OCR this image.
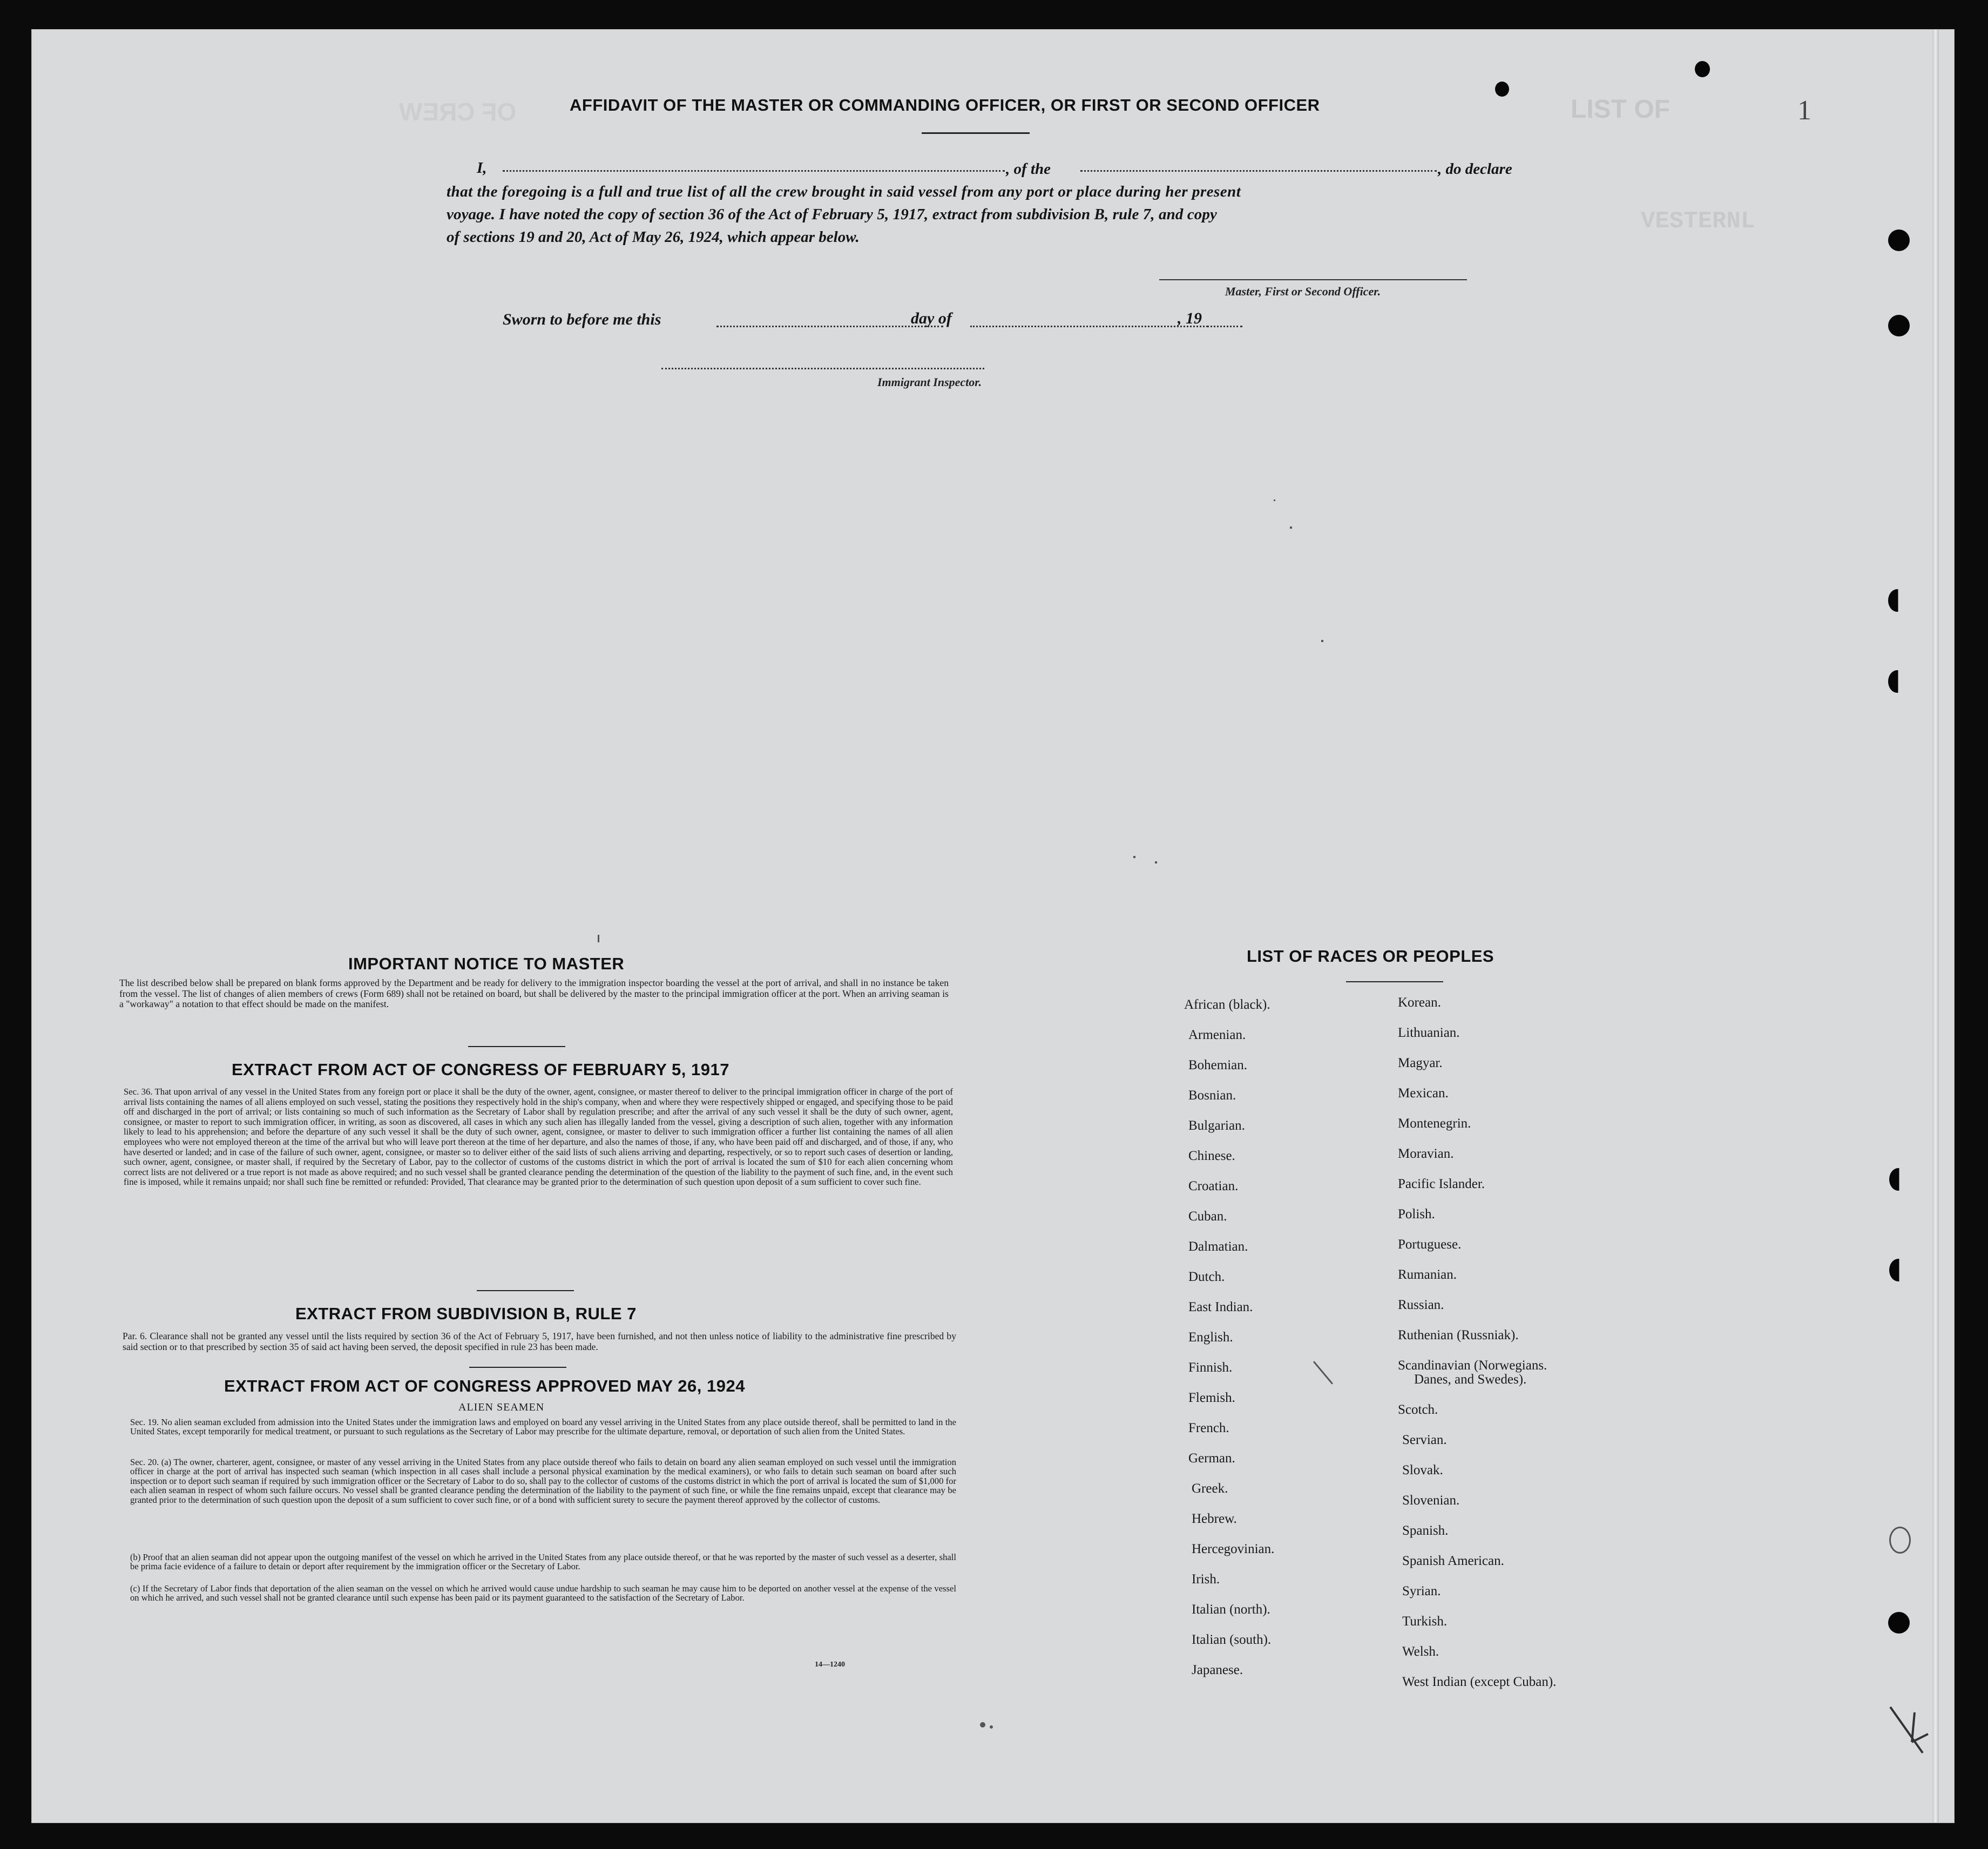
LIST OF
OF CREW
VESTERNL
1
AFFIDAVIT OF THE MASTER OR COMMANDING OFFICER, OR FIRST OR SECOND OFFICER
I,	, of the	, do declare
that the foregoing is a full and true list of all the crew brought in said vessel from any port or place during her present
voyage. I have noted the copy of section 36 of the Act of February 5, 1917, extract from subdivision B, rule 7, and copy
of sections 19 and 20, Act of May 26, 1924, which appear below.
Master, First or Second Officer.
Sworn to before me this	day of	, 19
Immigrant Inspector.
IMPORTANT NOTICE TO MASTER
The list described below shall be prepared on blank forms approved by the Department and be ready for delivery to the immigration inspector boarding the vessel at the port of arrival, and shall in no instance be taken from the vessel. The list of changes of alien members of crews (Form 689) shall not be retained on board, but shall be delivered by the master to the principal immigration officer at the port. When an arriving seaman is a "workaway" a notation to that effect should be made on the manifest.
EXTRACT FROM ACT OF CONGRESS OF FEBRUARY 5, 1917
Sec. 36. That upon arrival of any vessel in the United States from any foreign port or place it shall be the duty of the owner, agent, consignee, or master thereof to deliver to the principal immigration officer in charge of the port of arrival lists containing the names of all aliens employed on such vessel, stating the positions they respectively hold in the ship's company, when and where they were respectively shipped or engaged, and specifying those to be paid off and discharged in the port of arrival; or lists containing so much of such information as the Secretary of Labor shall by regulation prescribe; and after the arrival of any such vessel it shall be the duty of such owner, agent, consignee, or master to report to such immigration officer, in writing, as soon as discovered, all cases in which any such alien has illegally landed from the vessel, giving a description of such alien, together with any information likely to lead to his apprehension; and before the departure of any such vessel it shall be the duty of such owner, agent, consignee, or master to deliver to such immigration officer a further list containing the names of all alien employees who were not employed thereon at the time of the arrival but who will leave port thereon at the time of her departure, and also the names of those, if any, who have been paid off and discharged, and of those, if any, who have deserted or landed; and in case of the failure of such owner, agent, consignee, or master so to deliver either of the said lists of such aliens arriving and departing, respectively, or so to report such cases of desertion or landing, such owner, agent, consignee, or master shall, if required by the Secretary of Labor, pay to the collector of customs of the customs district in which the port of arrival is located the sum of $10 for each alien concerning whom correct lists are not delivered or a true report is not made as above required; and no such vessel shall be granted clearance pending the determination of the question of the liability to the payment of such fine, and, in the event such fine is imposed, while it remains unpaid; nor shall such fine be remitted or refunded: Provided, That clearance may be granted prior to the determination of such question upon deposit of a sum sufficient to cover such fine.
EXTRACT FROM SUBDIVISION B, RULE 7
Par. 6. Clearance shall not be granted any vessel until the lists required by section 36 of the Act of February 5, 1917, have been furnished, and not then unless notice of liability to the administrative fine prescribed by said section or to that prescribed by section 35 of said act having been served, the deposit specified in rule 23 has been made.
EXTRACT FROM ACT OF CONGRESS APPROVED MAY 26, 1924
ALIEN SEAMEN
Sec. 19. No alien seaman excluded from admission into the United States under the immigration laws and employed on board any vessel arriving in the United States from any place outside thereof, shall be permitted to land in the United States, except temporarily for medical treatment, or pursuant to such regulations as the Secretary of Labor may prescribe for the ultimate departure, removal, or deportation of such alien from the United States.
Sec. 20. (a) The owner, charterer, agent, consignee, or master of any vessel arriving in the United States from any place outside thereof who fails to detain on board any alien seaman employed on such vessel until the immigration officer in charge at the port of arrival has inspected such seaman (which inspection in all cases shall include a personal physical examination by the medical examiners), or who fails to detain such seaman on board after such inspection or to deport such seaman if required by such immigration officer or the Secretary of Labor to do so, shall pay to the collector of customs of the customs district in which the port of arrival is located the sum of $1,000 for each alien seaman in respect of whom such failure occurs. No vessel shall be granted clearance pending the determination of the liability to the payment of such fine, or while the fine remains unpaid, except that clearance may be granted prior to the determination of such question upon the deposit of a sum sufficient to cover such fine, or of a bond with sufficient surety to secure the payment thereof approved by the collector of customs.
(b) Proof that an alien seaman did not appear upon the outgoing manifest of the vessel on which he arrived in the United States from any place outside thereof, or that he was reported by the master of such vessel as a deserter, shall be prima facie evidence of a failure to detain or deport after requirement by the immigration officer or the Secretary of Labor.
(c) If the Secretary of Labor finds that deportation of the alien seaman on the vessel on which he arrived would cause undue hardship to such seaman he may cause him to be deported on another vessel at the expense of the vessel on which he arrived, and such vessel shall not be granted clearance until such expense has been paid or its payment guaranteed to the satisfaction of the Secretary of Labor.
14—1240
LIST OF RACES OR PEOPLES
African (black).
Armenian.
Bohemian.
Bosnian.
Bulgarian.
Chinese.
Croatian.
Cuban.
Dalmatian.
Dutch.
East Indian.
English.
Finnish.
Flemish.
French.
German.
Greek.
Hebrew.
Hercegovinian.
Irish.
Italian (north).
Italian (south).
Japanese.
Korean.
Lithuanian.
Magyar.
Mexican.
Montenegrin.
Moravian.
Pacific Islander.
Polish.
Portuguese.
Rumanian.
Russian.
Ruthenian (Russniak).
Scandinavian (Norwegians.
Danes, and Swedes).
Scotch.
Servian.
Slovak.
Slovenian.
Spanish.
Spanish American.
Syrian.
Turkish.
Welsh.
West Indian (except Cuban).
